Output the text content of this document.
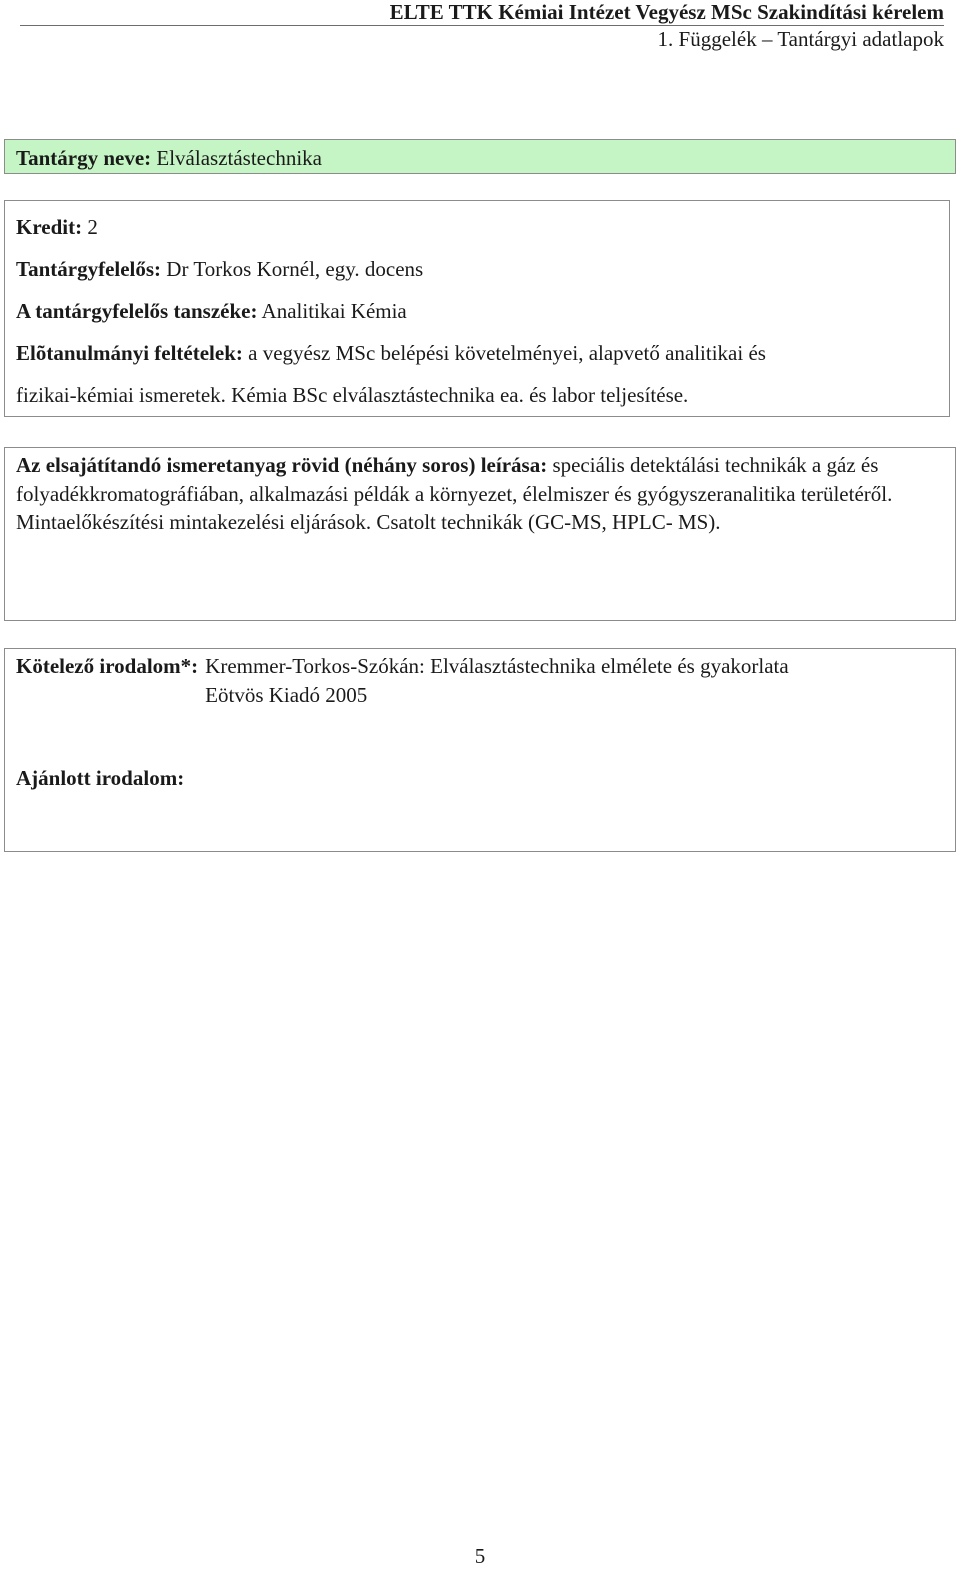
ELTE TTK Kémiai Intézet Vegyész MSc Szakindítási kérelem
1. Függelék – Tantárgyi adatlapok
Tantárgy neve: Elválasztástechnika
Kredit: 2
Tantárgyfelelős: Dr Torkos Kornél, egy. docens
A tantárgyfelelős tanszéke: Analitikai Kémia
Elõtanulmányi feltételek: a vegyész MSc belépési követelményei, alapvető analitikai és
fizikai-kémiai ismeretek. Kémia BSc elválasztástechnika ea. és labor teljesítése.
Az elsajátítandó ismeretanyag rövid (néhány soros) leírása: speciális detektálási technikák a gáz és folyadékkromatográfiában, alkalmazási példák a környezet, élelmiszer és gyógyszeranalitika területéről. Mintaelőkészítési mintakezelési eljárások. Csatolt technikák (GC-MS, HPLC- MS).
Kötelező irodalom*: Kremmer-Torkos-Szókán: Elválasztástechnika elmélete és gyakorlata
Eötvös Kiadó 2005
Ajánlott irodalom:
5
